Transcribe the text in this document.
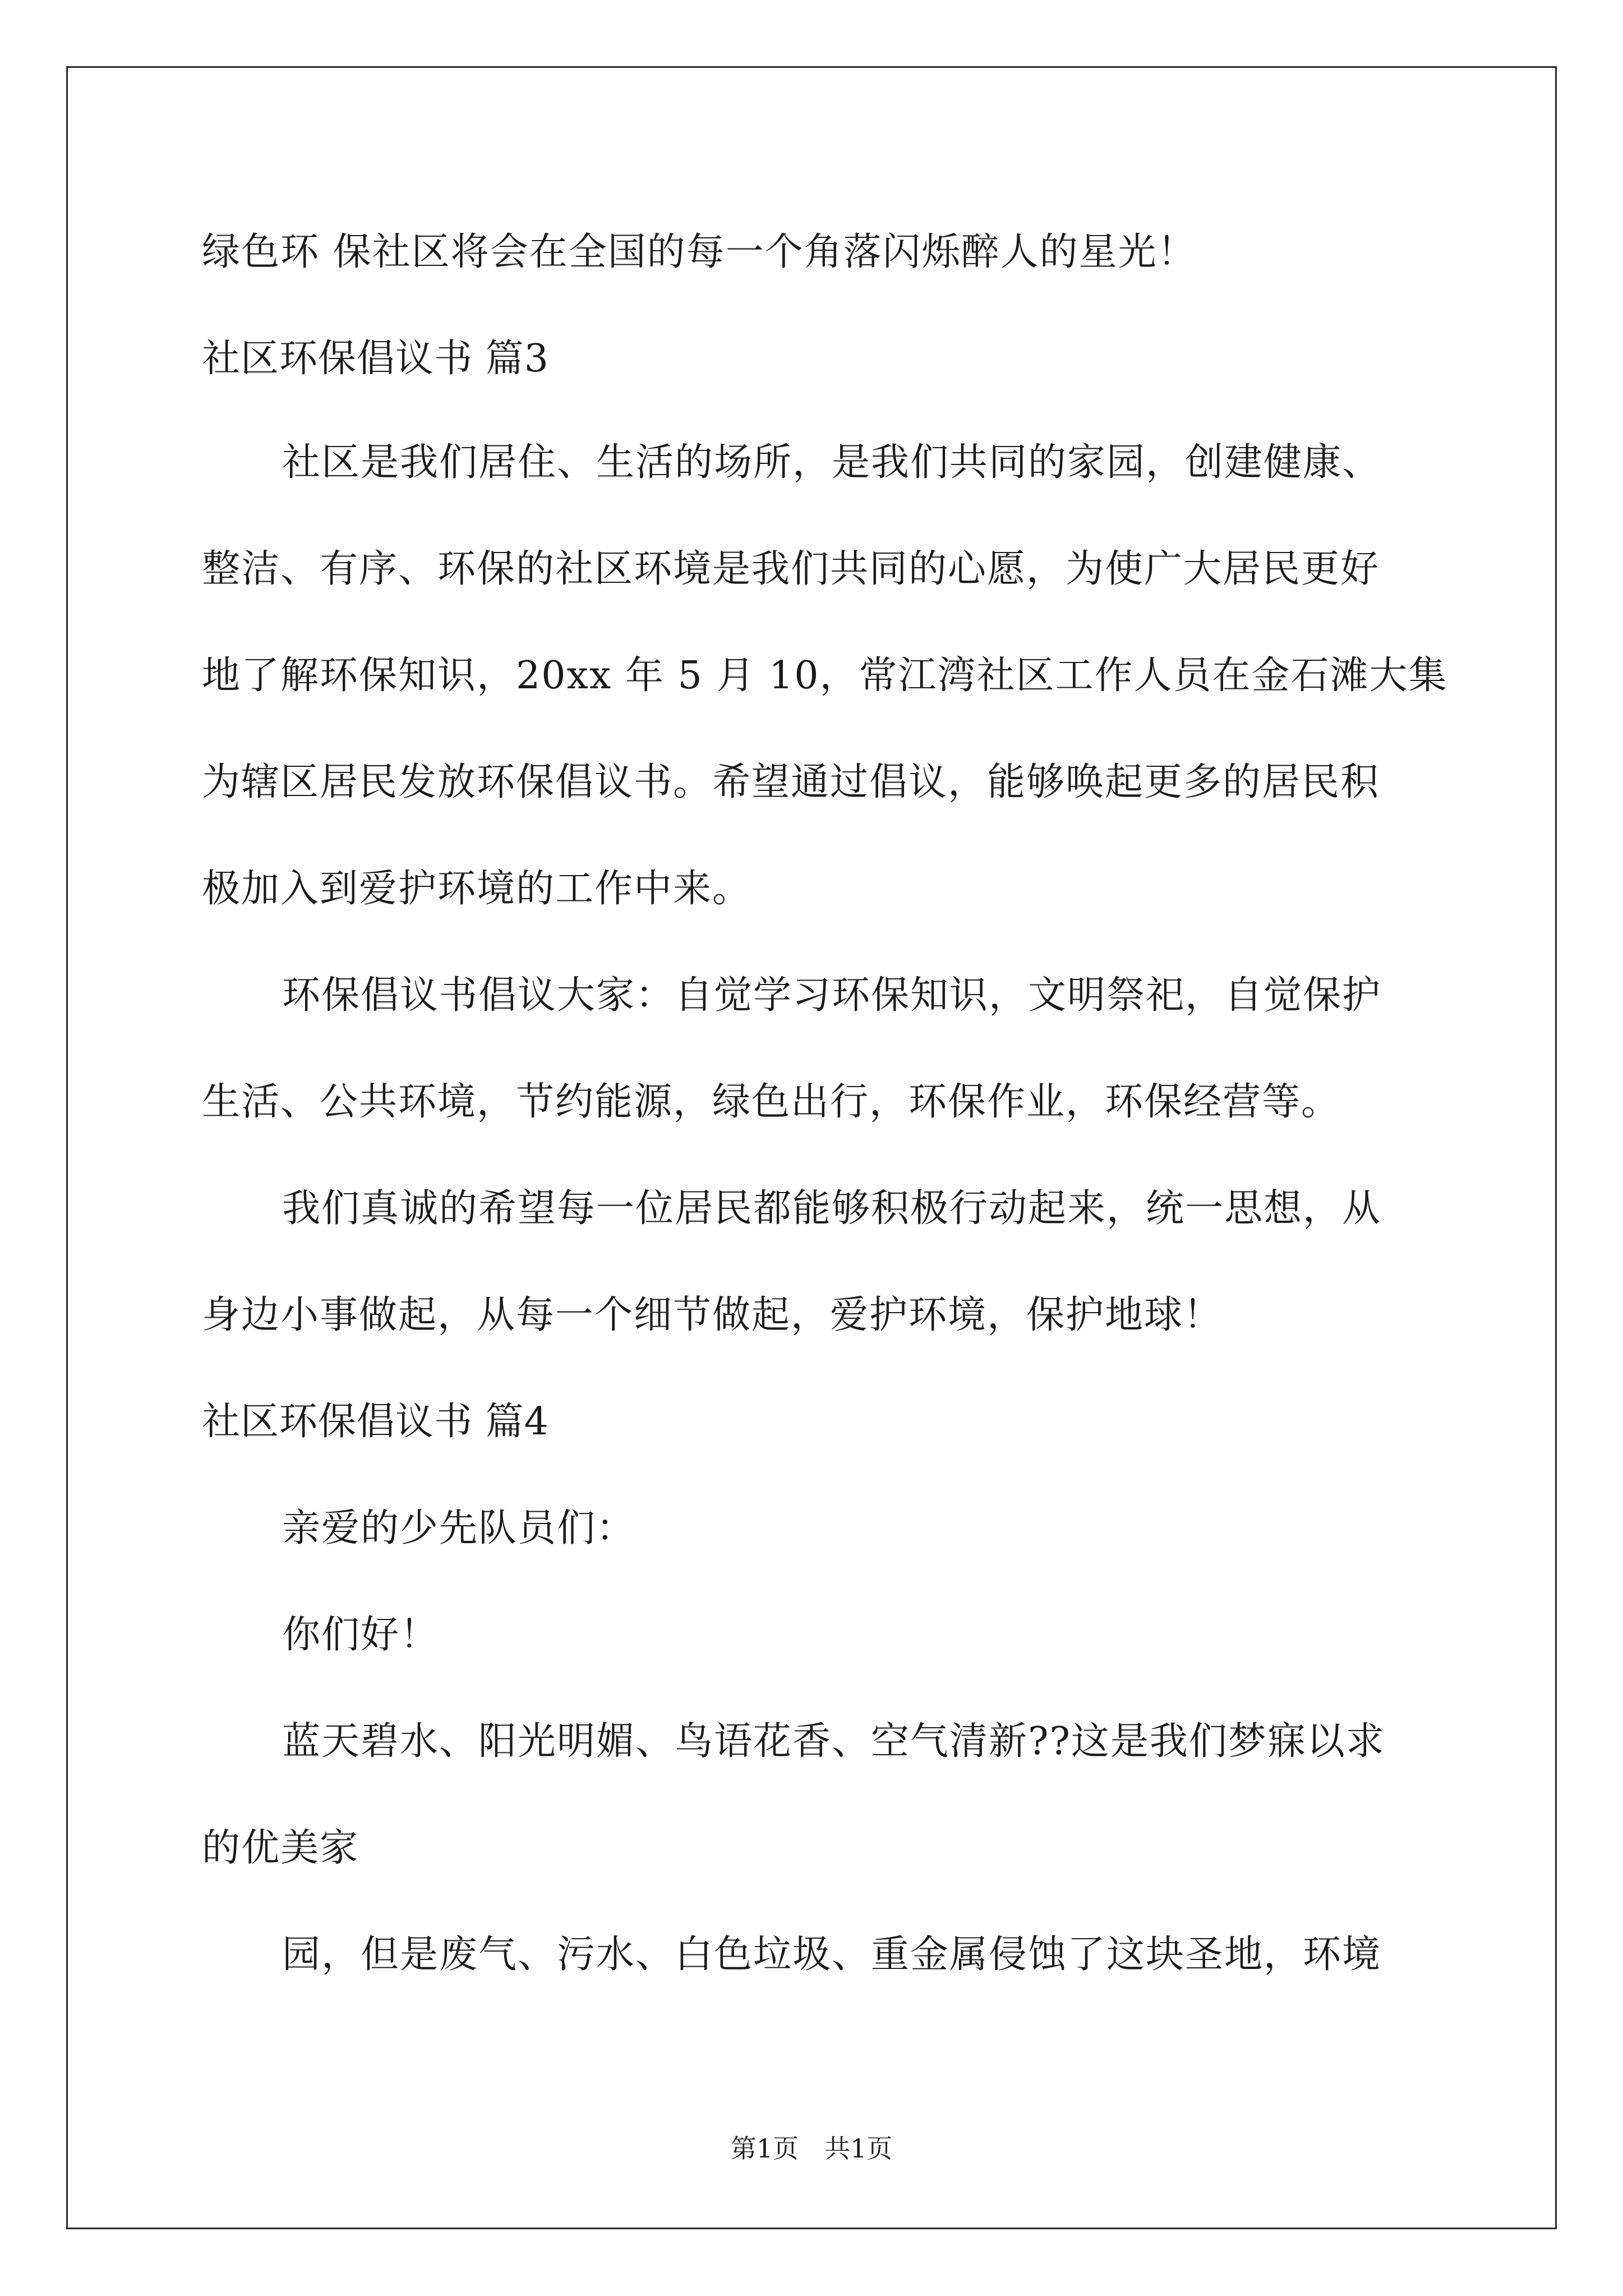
绿色环 保社区将会在全国的每一个角落闪烁醉人的星光！
社区环保倡议书 篇3
社区是我们居住、生活的场所，是我们共同的家园，创建健康、
整洁、有序、环保的社区环境是我们共同的心愿，为使广大居民更好
地了解环保知识，20xx 年 5 月 10，常江湾社区工作人员在金石滩大集
为辖区居民发放环保倡议书。希望通过倡议，能够唤起更多的居民积
极加入到爱护环境的工作中来。
环保倡议书倡议大家：自觉学习环保知识，文明祭祀，自觉保护
生活、公共环境，节约能源，绿色出行，环保作业，环保经营等。
我们真诚的希望每一位居民都能够积极行动起来，统一思想，从
身边小事做起，从每一个细节做起，爱护环境，保护地球！
社区环保倡议书 篇4
亲爱的少先队员们：
你们好！
蓝天碧水、阳光明媚、鸟语花香、空气清新??这是我们梦寐以求
的优美家
园，但是废气、污水、白色垃圾、重金属侵蚀了这块圣地，环境
第1页　共1页
